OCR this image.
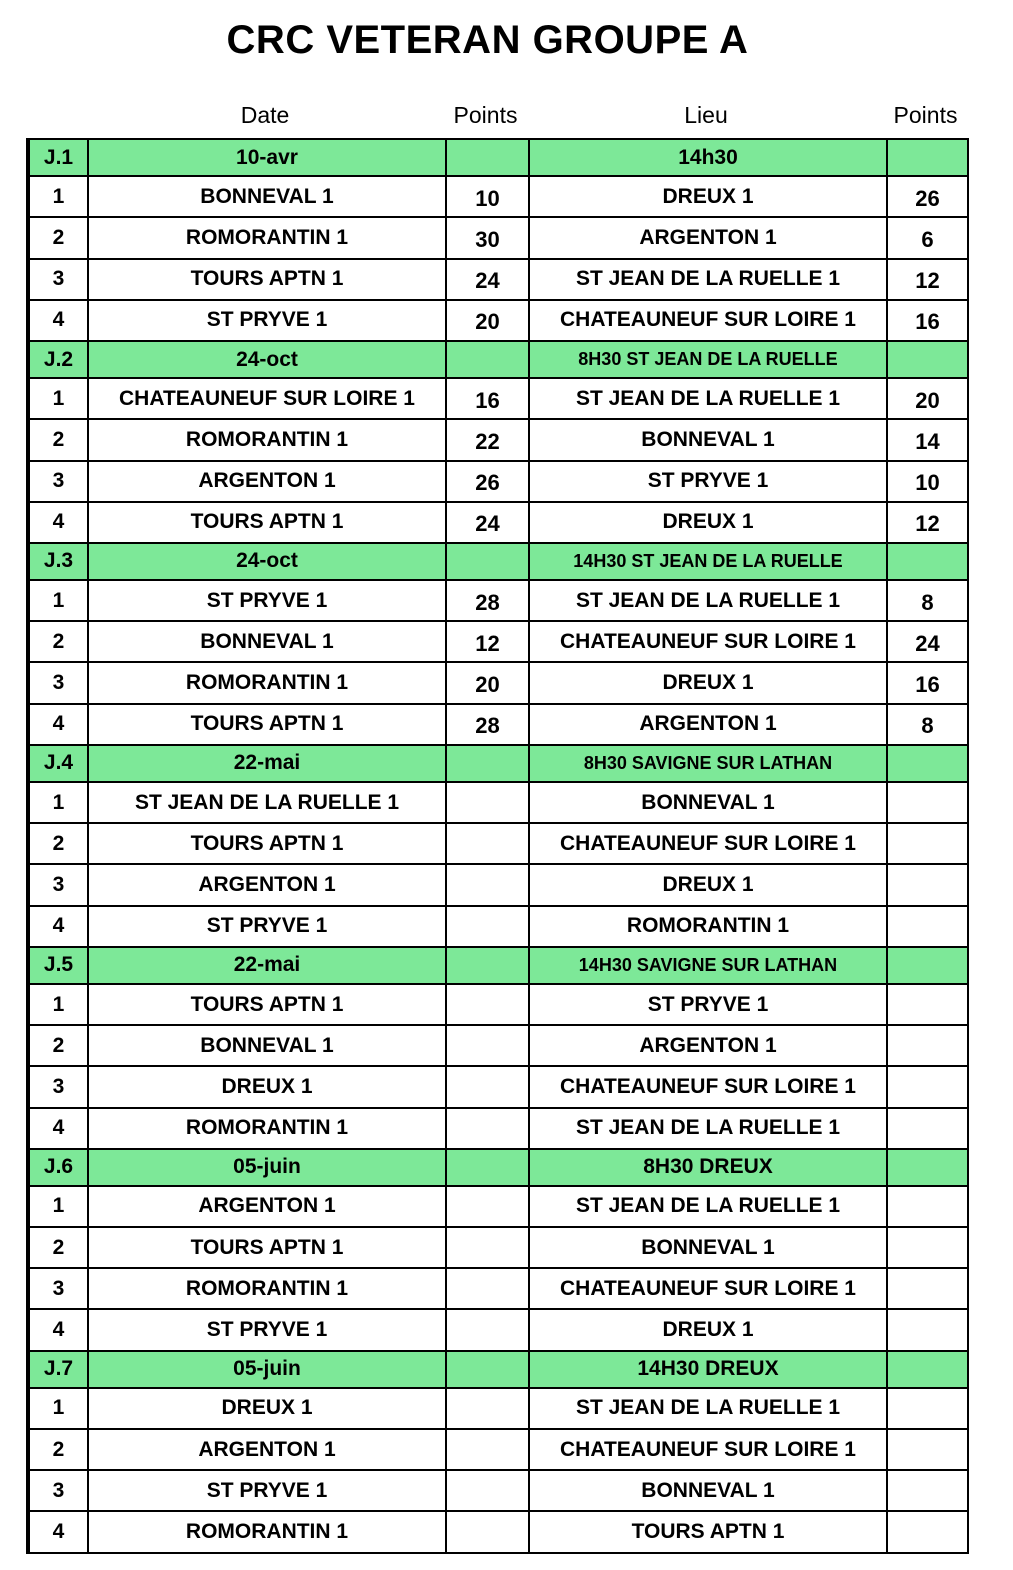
CRC VETERAN GROUPE A
Date	Points	Lieu	Points
J.1	10-avr		14h30	
1	BONNEVAL 1	10	DREUX 1	26
2	ROMORANTIN 1	30	ARGENTON 1	6
3	TOURS APTN 1	24	ST JEAN DE LA RUELLE 1	12
4	ST PRYVE 1	20	CHATEAUNEUF SUR LOIRE 1	16
J.2	24-oct		8H30 ST JEAN DE LA RUELLE	
1	CHATEAUNEUF SUR LOIRE 1	16	ST JEAN DE LA RUELLE 1	20
2	ROMORANTIN 1	22	BONNEVAL 1	14
3	ARGENTON 1	26	ST PRYVE 1	10
4	TOURS APTN 1	24	DREUX 1	12
J.3	24-oct		14H30 ST JEAN DE LA RUELLE	
1	ST PRYVE 1	28	ST JEAN DE LA RUELLE 1	8
2	BONNEVAL 1	12	CHATEAUNEUF SUR LOIRE 1	24
3	ROMORANTIN 1	20	DREUX 1	16
4	TOURS APTN 1	28	ARGENTON 1	8
J.4	22-mai		8H30 SAVIGNE SUR LATHAN	
1	ST JEAN DE LA RUELLE 1		BONNEVAL 1	
2	TOURS APTN 1		CHATEAUNEUF SUR LOIRE 1	
3	ARGENTON 1		DREUX 1	
4	ST PRYVE 1		ROMORANTIN 1	
J.5	22-mai		14H30 SAVIGNE SUR LATHAN	
1	TOURS APTN 1		ST PRYVE 1	
2	BONNEVAL 1		ARGENTON 1	
3	DREUX 1		CHATEAUNEUF SUR LOIRE 1	
4	ROMORANTIN 1		ST JEAN DE LA RUELLE 1	
J.6	05-juin		8H30 DREUX	
1	ARGENTON 1		ST JEAN DE LA RUELLE 1	
2	TOURS APTN 1		BONNEVAL 1	
3	ROMORANTIN 1		CHATEAUNEUF SUR LOIRE 1	
4	ST PRYVE 1		DREUX 1	
J.7	05-juin		14H30 DREUX	
1	DREUX 1		ST JEAN DE LA RUELLE 1	
2	ARGENTON 1		CHATEAUNEUF SUR LOIRE 1	
3	ST PRYVE 1		BONNEVAL 1	
4	ROMORANTIN 1		TOURS APTN 1	
